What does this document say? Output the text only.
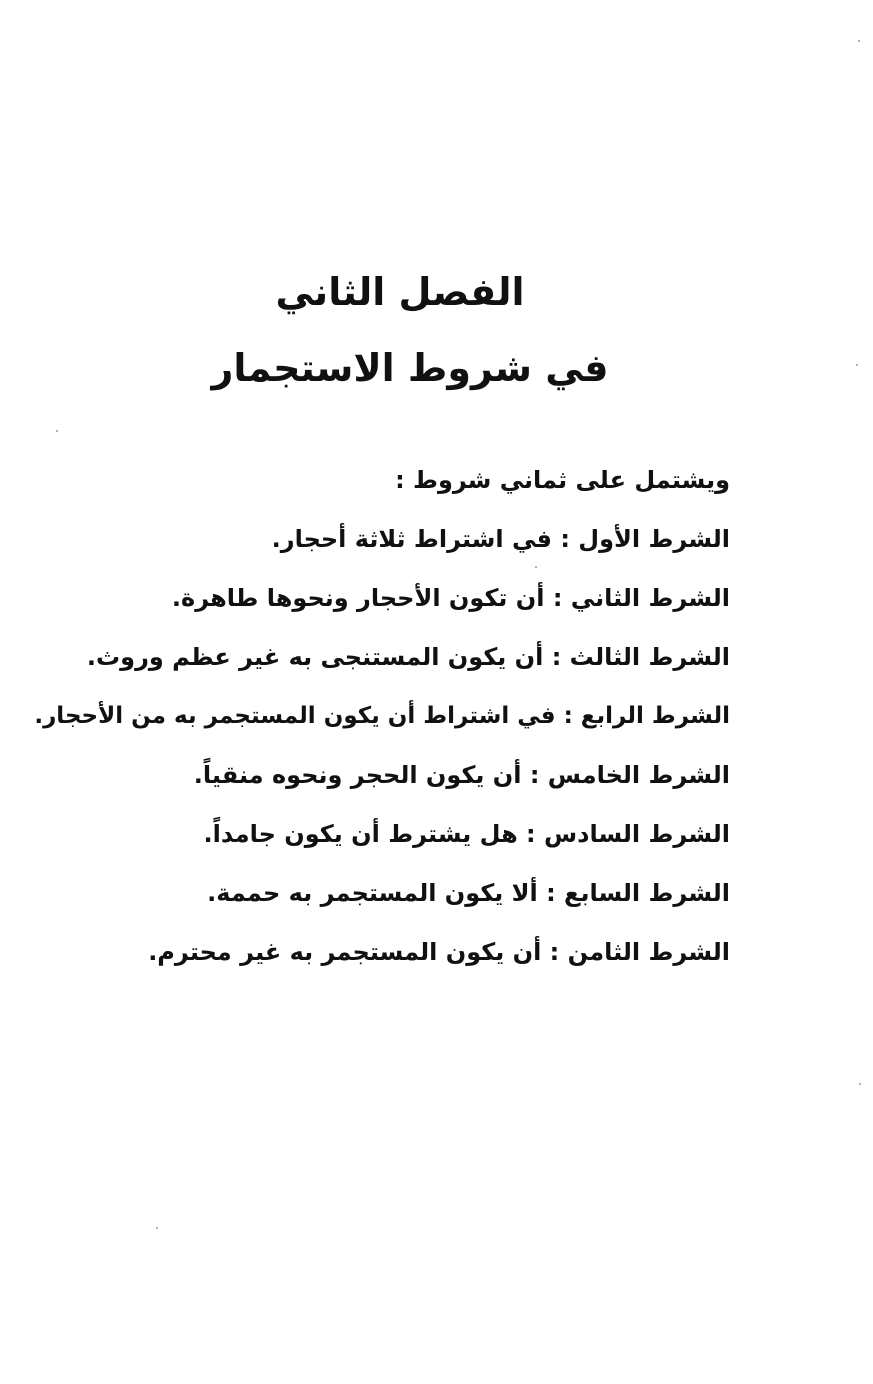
الفصل الثاني
في شروط الاستجمار
ويشتمل على ثماني شروط :
الشرط الأول : في اشتراط ثلاثة أحجار.
الشرط الثاني : أن تكون الأحجار ونحوها طاهرة.
الشرط الثالث : أن يكون المستنجى به غير عظم وروث.
الشرط الرابع : في اشتراط أن يكون المستجمر به من الأحجار.
الشرط الخامس : أن يكون الحجر ونحوه منقياً.
الشرط السادس : هل يشترط أن يكون جامداً.
الشرط السابع : ألا يكون المستجمر به حممة.
الشرط الثامن : أن يكون المستجمر به غير محترم.
